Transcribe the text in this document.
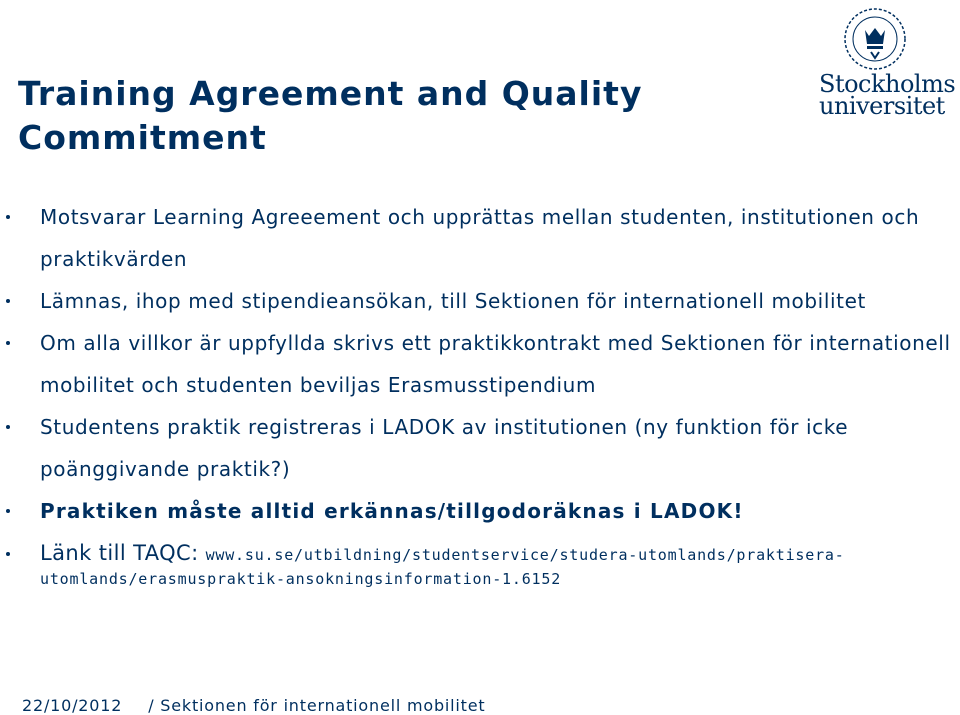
Training Agreement and Quality Commitment
Stockholms
universitet
Motsvarar Learning Agreeement och upprättas mellan studenten, institutionen och praktikvärden
Lämnas, ihop med stipendieansökan, till Sektionen för internationell mobilitet
Om alla villkor är uppfyllda skrivs ett praktikkontrakt med Sektionen för internationell mobilitet och studenten beviljas Erasmusstipendium
Studentens praktik registreras i LADOK av institutionen (ny funktion för icke poänggivande praktik?)
Praktiken måste alltid erkännas/tillgodoräknas i LADOK!
Länk till TAQC: www.su.se/utbildning/studentservice/studera-utomlands/praktisera-utomlands/erasmuspraktik-ansokningsinformation-1.6152
22/10/2012 / Sektionen för internationell mobilitet
